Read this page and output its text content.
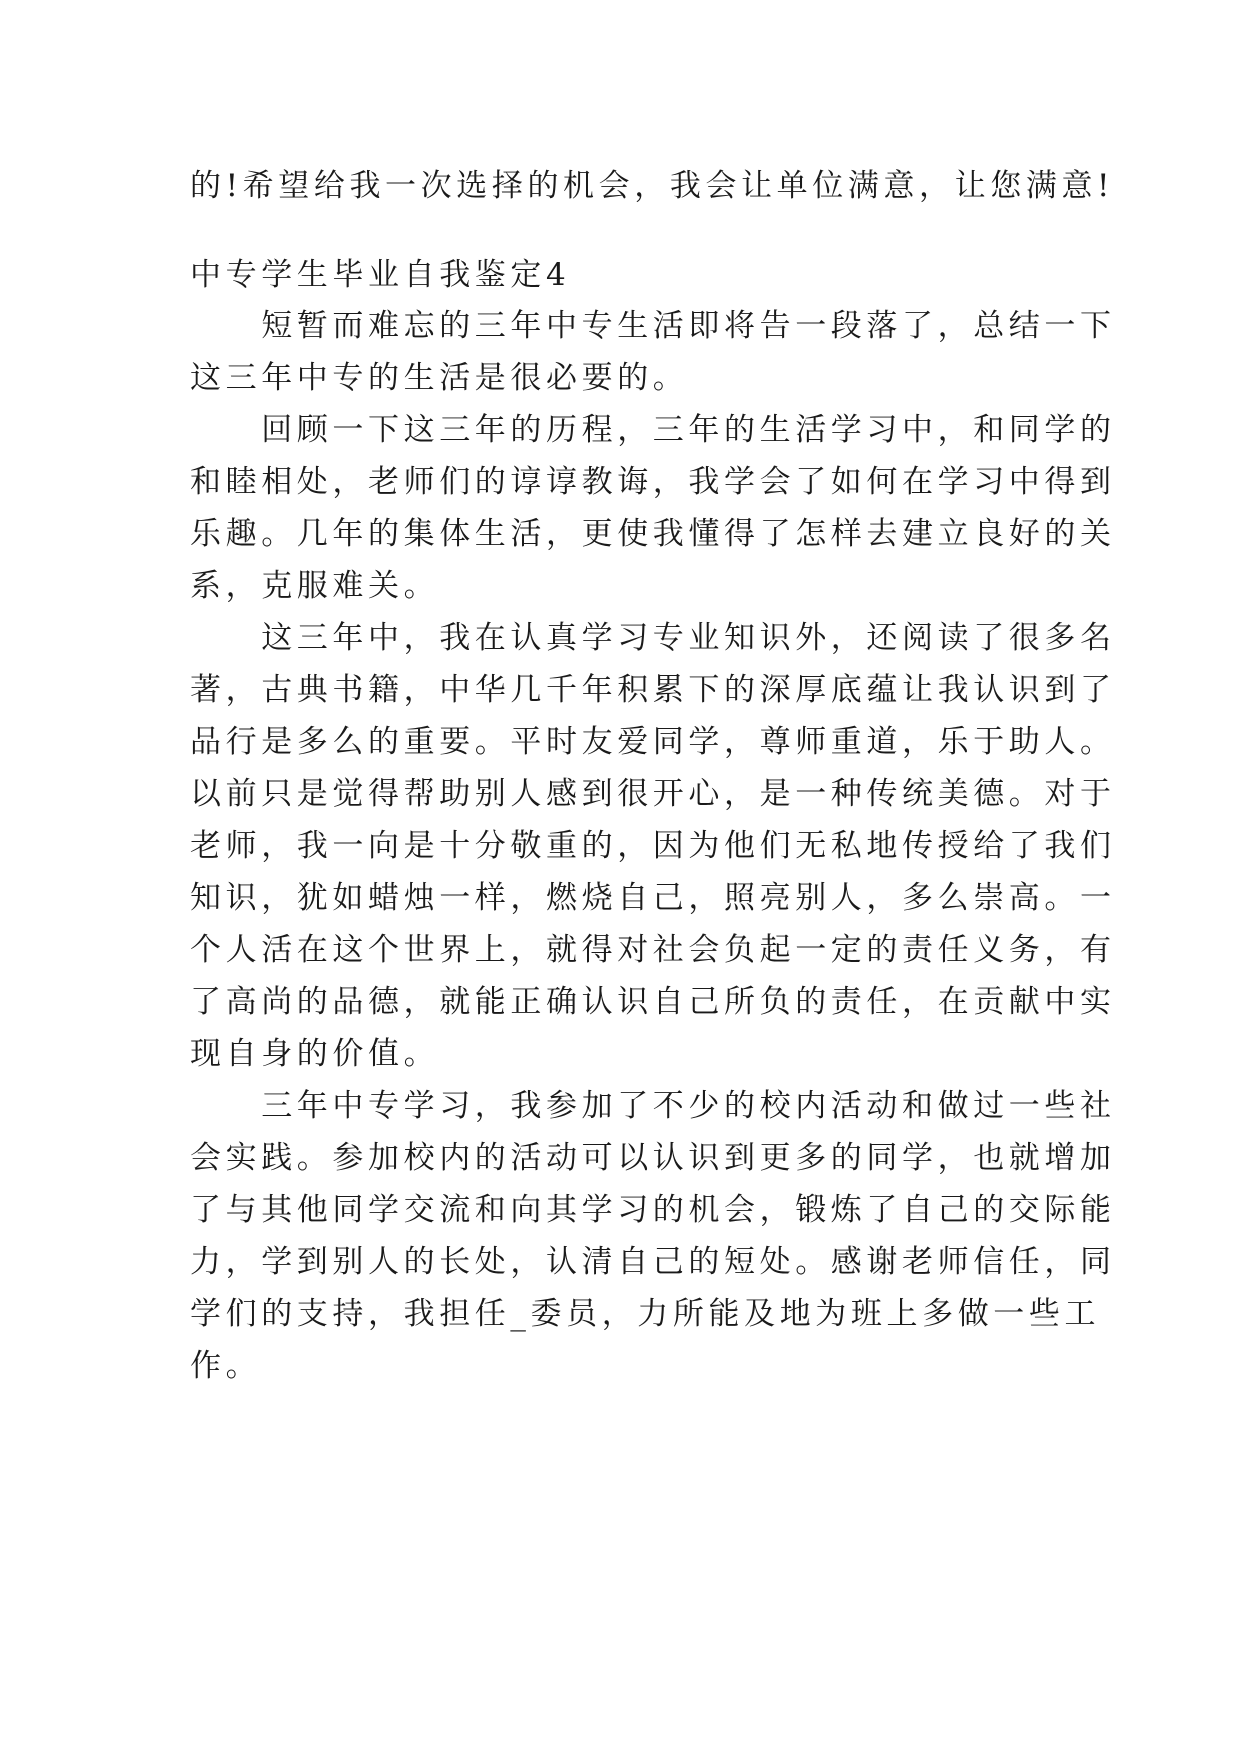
的!希望给我一次选择的机会，我会让单位满意，让您满意!
中专学生毕业自我鉴定4
　　短暂而难忘的三年中专生活即将告一段落了，总结一下
这三年中专的生活是很必要的。
　　回顾一下这三年的历程，三年的生活学习中，和同学的
和睦相处，老师们的谆谆教诲，我学会了如何在学习中得到
乐趣。几年的集体生活，更使我懂得了怎样去建立良好的关
系，克服难关。
　　这三年中，我在认真学习专业知识外，还阅读了很多名
著，古典书籍，中华几千年积累下的深厚底蕴让我认识到了
品行是多么的重要。平时友爱同学，尊师重道，乐于助人。
以前只是觉得帮助别人感到很开心，是一种传统美德。对于
老师，我一向是十分敬重的，因为他们无私地传授给了我们
知识，犹如蜡烛一样，燃烧自己，照亮别人，多么崇高。一
个人活在这个世界上，就得对社会负起一定的责任义务，有
了高尚的品德，就能正确认识自己所负的责任，在贡献中实
现自身的价值。
　　三年中专学习，我参加了不少的校内活动和做过一些社
会实践。参加校内的活动可以认识到更多的同学，也就增加
了与其他同学交流和向其学习的机会，锻炼了自己的交际能
力，学到别人的长处，认清自己的短处。感谢老师信任，同
学们的支持，我担任_委员，力所能及地为班上多做一些工
作。
